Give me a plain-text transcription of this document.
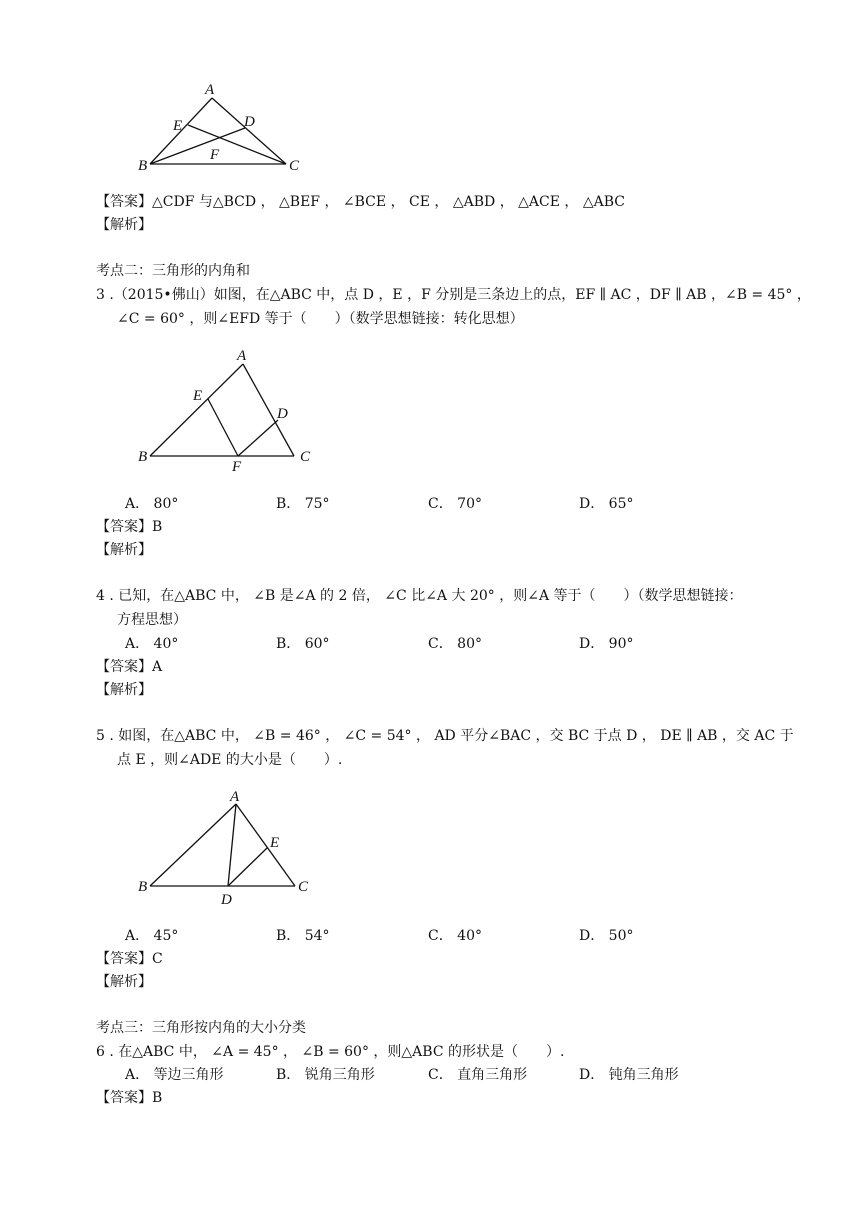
A
E	D
F
B	C
【答案】△CDF 与△BCD ， △BEF ， ∠BCE ， CE ， △ABD ， △ACE ， △ABC
【解析】
考点二：三角形的内角和
3 .（2015•佛山）如图，在△ABC 中，点 D ，E ，F 分别是三条边上的点，EF ∥ AC ，DF ∥ AB ，∠B = 45° ，
∠C = 60° ，则∠EFD 等于（　　）（数学思想链接：转化思想）
A
E
D
B
F
C
A． 80°	B． 75°	C． 70°	D． 65°
【答案】B
【解析】
4 . 已知，在△ABC 中， ∠B 是∠A 的 2 倍， ∠C 比∠A 大 20° ，则∠A 等于（　　）（数学思想链接：
方程思想）
A． 40°	B． 60°	C． 80°	D． 90°
【答案】A
【解析】
5 . 如图，在△ABC 中， ∠B = 46° ， ∠C = 54° ， AD 平分∠BAC ，交 BC 于点 D ， DE ∥ AB ，交 AC 于
点 E ，则∠ADE 的大小是（　　）.
A
E
B
D
C
A． 45°	B． 54°	C． 40°	D． 50°
【答案】C
【解析】
考点三：三角形按内角的大小分类
6 . 在△ABC 中， ∠A = 45° ， ∠B = 60° ，则△ABC 的形状是（　　）.
A． 等边三角形	B． 锐角三角形	C． 直角三角形	D． 钝角三角形
【答案】B
